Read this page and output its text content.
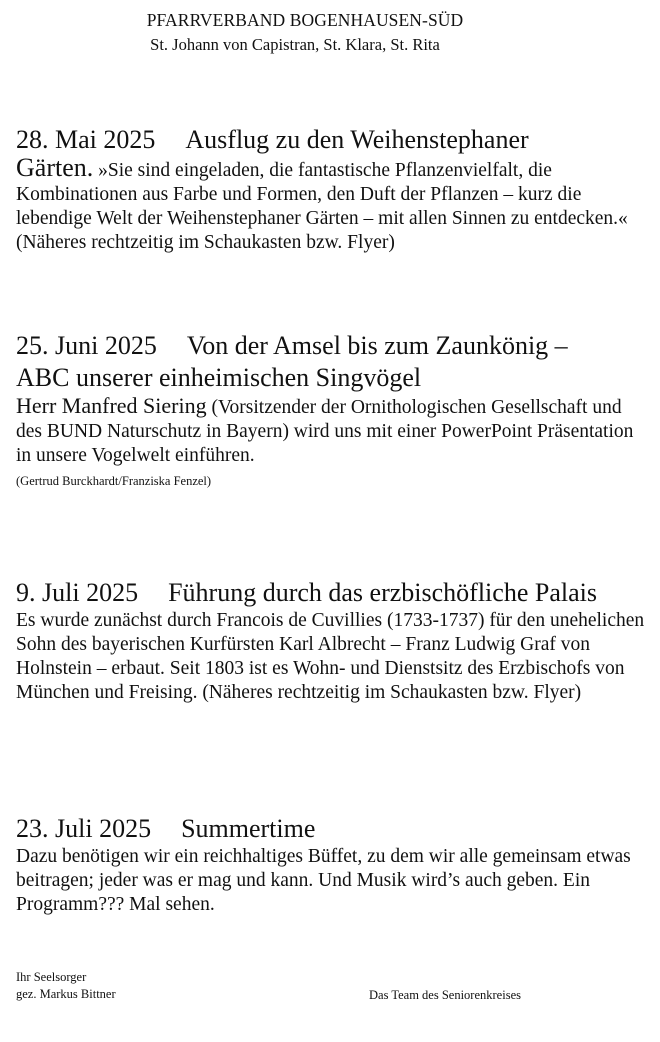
PFARRVERBAND BOGENHAUSEN-SÜD
St. Johann von Capistran, St. Klara, St. Rita
28. Mai 2025 Ausflug zu den Weihenstephaner
Gärten. »Sie sind eingeladen, die fantastische Pflanzenvielfalt, die Kombinationen aus Farbe und Formen, den Duft der Pflanzen – kurz die lebendige Welt der Weihenstephaner Gärten – mit allen Sinnen zu entdecken.« (Näheres rechtzeitig im Schaukasten bzw. Flyer)
25. Juni 2025 Von der Amsel bis zum Zaunkönig –
ABC unserer einheimischen Singvögel
Herr Manfred Siering (Vorsitzender der Ornithologischen Gesellschaft und des BUND Naturschutz in Bayern) wird uns mit einer PowerPoint Präsentation in unsere Vogelwelt einführen.
(Gertrud Burckhardt/Franziska Fenzel)
9. Juli 2025 Führung durch das erzbischöfliche Palais
Es wurde zunächst durch Francois de Cuvillies (1733-1737) für den unehelichen Sohn des bayerischen Kurfürsten Karl Albrecht – Franz Ludwig Graf von Holnstein – erbaut. Seit 1803 ist es Wohn- und Dienstsitz des Erzbischofs von München und Freising. (Näheres rechtzeitig im Schaukasten bzw. Flyer)
23. Juli 2025 Summertime
Dazu benötigen wir ein reichhaltiges Büffet, zu dem wir alle gemeinsam etwas beitragen; jeder was er mag und kann. Und Musik wird’s auch geben. Ein Programm??? Mal sehen.
Ihr Seelsorger
gez. Markus Bittner	Das Team des Seniorenkreises
